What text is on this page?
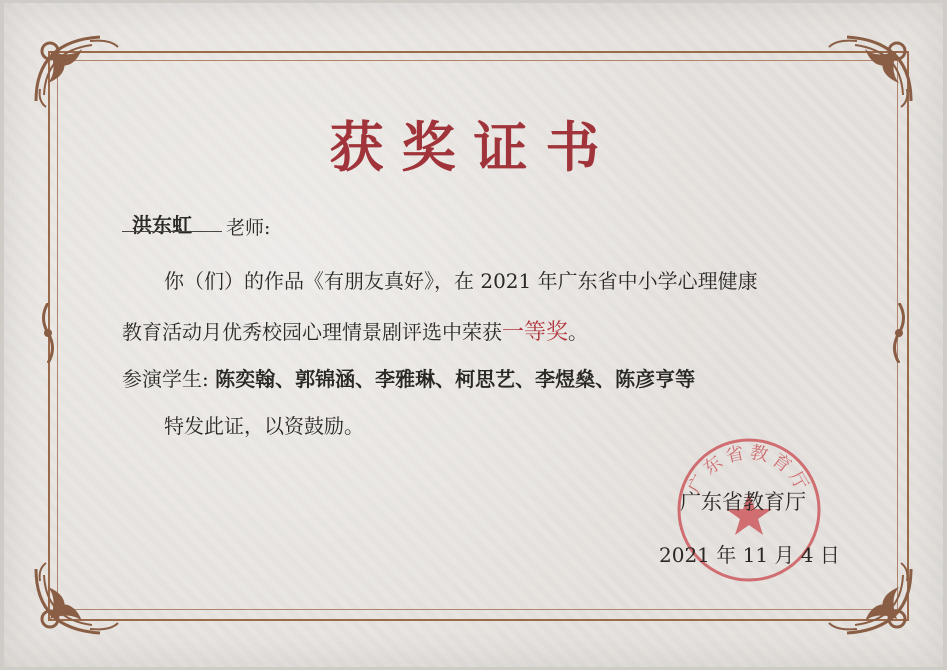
获奖证书
洪东虹 老师:
你（们）的作品《有朋友真好》，在 2021 年广东省中小学心理健康
教育活动月优秀校园心理情景剧评选中荣获一等奖。
参演学生: 陈奕翰、郭锦涵、李雅琳、柯思艺、李煜燊、陈彦亨等
特发此证，以资鼓励。
广东省教育厅
广东省教育厅
2021 年 11 月 4 日
